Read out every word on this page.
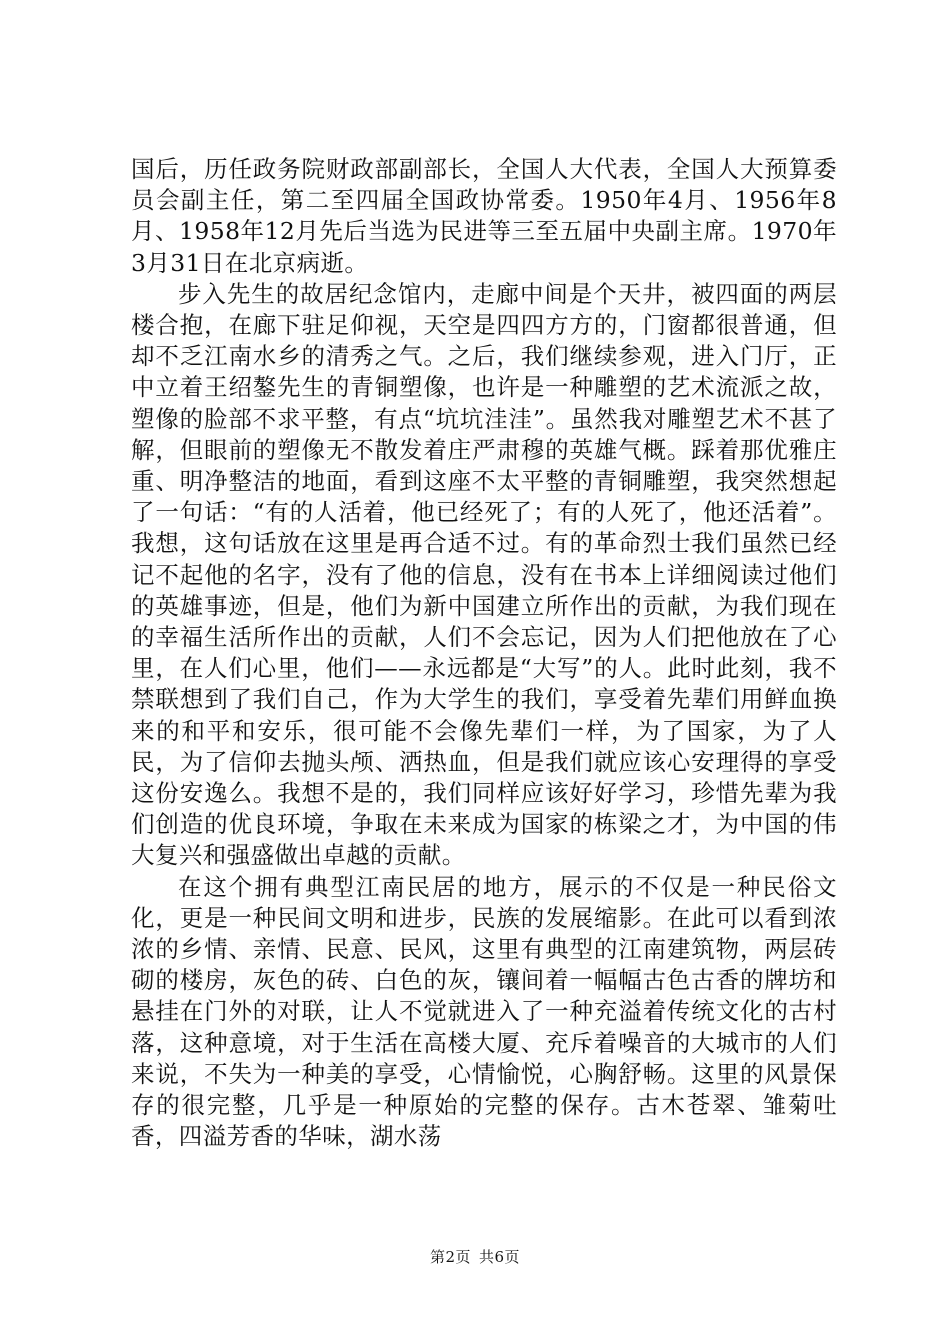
国后，历任政务院财政部副部长，全国人大代表，全国人大预算委员会副主任，第二至四届全国政协常委。1950年4月、1956年8月、1958年12月先后当选为民进等三至五届中央副主席。1970年3月31日在北京病逝。

步入先生的故居纪念馆内，走廊中间是个天井，被四面的两层楼合抱，在廊下驻足仰视，天空是四四方方的，门窗都很普通，但却不乏江南水乡的清秀之气。之后，我们继续参观，进入门厅，正中立着王绍鏊先生的青铜塑像，也许是一种雕塑的艺术流派之故，塑像的脸部不求平整，有点“坑坑洼洼”。虽然我对雕塑艺术不甚了解，但眼前的塑像无不散发着庄严肃穆的英雄气概。踩着那优雅庄重、明净整洁的地面，看到这座不太平整的青铜雕塑，我突然想起了一句话：“有的人活着，他已经死了；有的人死了，他还活着”。我想，这句话放在这里是再合适不过。有的革命烈士我们虽然已经记不起他的名字，没有了他的信息，没有在书本上详细阅读过他们的英雄事迹，但是，他们为新中国建立所作出的贡献，为我们现在的幸福生活所作出的贡献，人们不会忘记，因为人们把他放在了心里，在人们心里，他们——永远都是“大写”的人。此时此刻，我不禁联想到了我们自己，作为大学生的我们，享受着先辈们用鲜血换来的和平和安乐，很可能不会像先辈们一样，为了国家，为了人民，为了信仰去抛头颅、洒热血，但是我们就应该心安理得的享受这份安逸么。我想不是的，我们同样应该好好学习，珍惜先辈为我们创造的优良环境，争取在未来成为国家的栋梁之才，为中国的伟大复兴和强盛做出卓越的贡献。

在这个拥有典型江南民居的地方，展示的不仅是一种民俗文化，更是一种民间文明和进步，民族的发展缩影。在此可以看到浓浓的乡情、亲情、民意、民风，这里有典型的江南建筑物，两层砖砌的楼房，灰色的砖、白色的灰，镶间着一幅幅古色古香的牌坊和悬挂在门外的对联，让人不觉就进入了一种充溢着传统文化的古村落，这种意境，对于生活在高楼大厦、充斥着噪音的大城市的人们来说，不失为一种美的享受，心情愉悦，心胸舒畅。这里的风景保存的很完整，几乎是一种原始的完整的保存。古木苍翠、雏菊吐香，四溢芳香的华味，湖水荡

第2页 共6页
